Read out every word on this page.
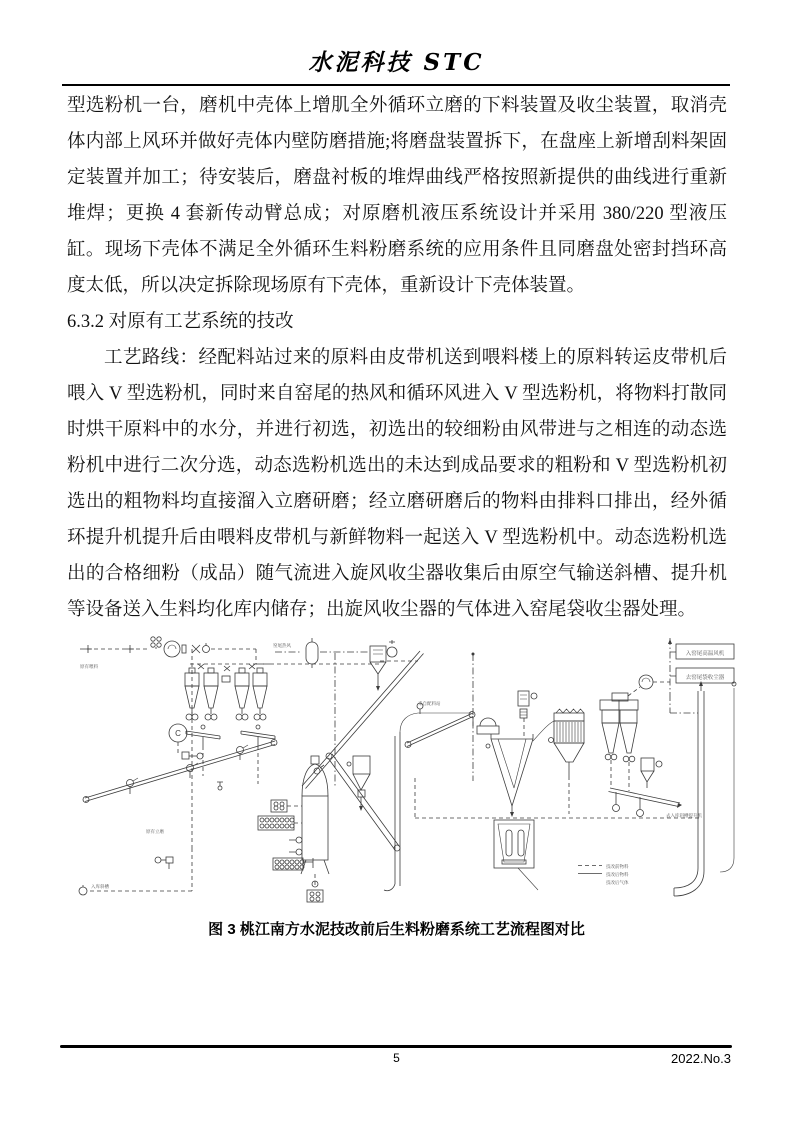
水泥科技 STC

型选粉机一台，磨机中壳体上增肌全外循环立磨的下料装置及收尘装置，取消壳体内部上风环并做好壳体内壁防磨措施;将磨盘装置拆下，在盘座上新增刮料架固定装置并加工；待安装后，磨盘衬板的堆焊曲线严格按照新提供的曲线进行重新堆焊；更换 4 套新传动臂总成；对原磨机液压系统设计并采用 380/220 型液压缸。现场下壳体不满足全外循环生料粉磨系统的应用条件且同磨盘处密封挡环高度太低，所以决定拆除现场原有下壳体，重新设计下壳体装置。

6.3.2 对原有工艺系统的技改

工艺路线：经配料站过来的原料由皮带机送到喂料楼上的原料转运皮带机后喂入 V 型选粉机，同时来自窑尾的热风和循环风进入 V 型选粉机，将物料打散同时烘干原料中的水分，并进行初选，初选出的较细粉由风带进与之相连的动态选粉机中进行二次分选，动态选粉机选出的未达到成品要求的粗粉和 V 型选粉机初选出的粗物料均直接溜入立磨研磨；经立磨研磨后的物料由排料口排出，经外循环提升机提升后由喂料皮带机与新鲜物料一起送入 V 型选粉机中。动态选粉机选出的合格细粉（成品）随气流进入旋风收尘器收集后由原空气输送斜槽、提升机等设备送入生料均化库内储存；出旋风收尘器的气体进入窑尾袋收尘器处理。

原有喂料
入库斜槽
原有立磨
窑尾热风
来自配料站
入窑尾高温风机
去窑尾袋收尘器
去入库斜槽提升机
技改前物料
技改后物料
技改后气体
C
图 3 桃江南方水泥技改前后生料粉磨系统工艺流程图对比
5	2022.No.3
